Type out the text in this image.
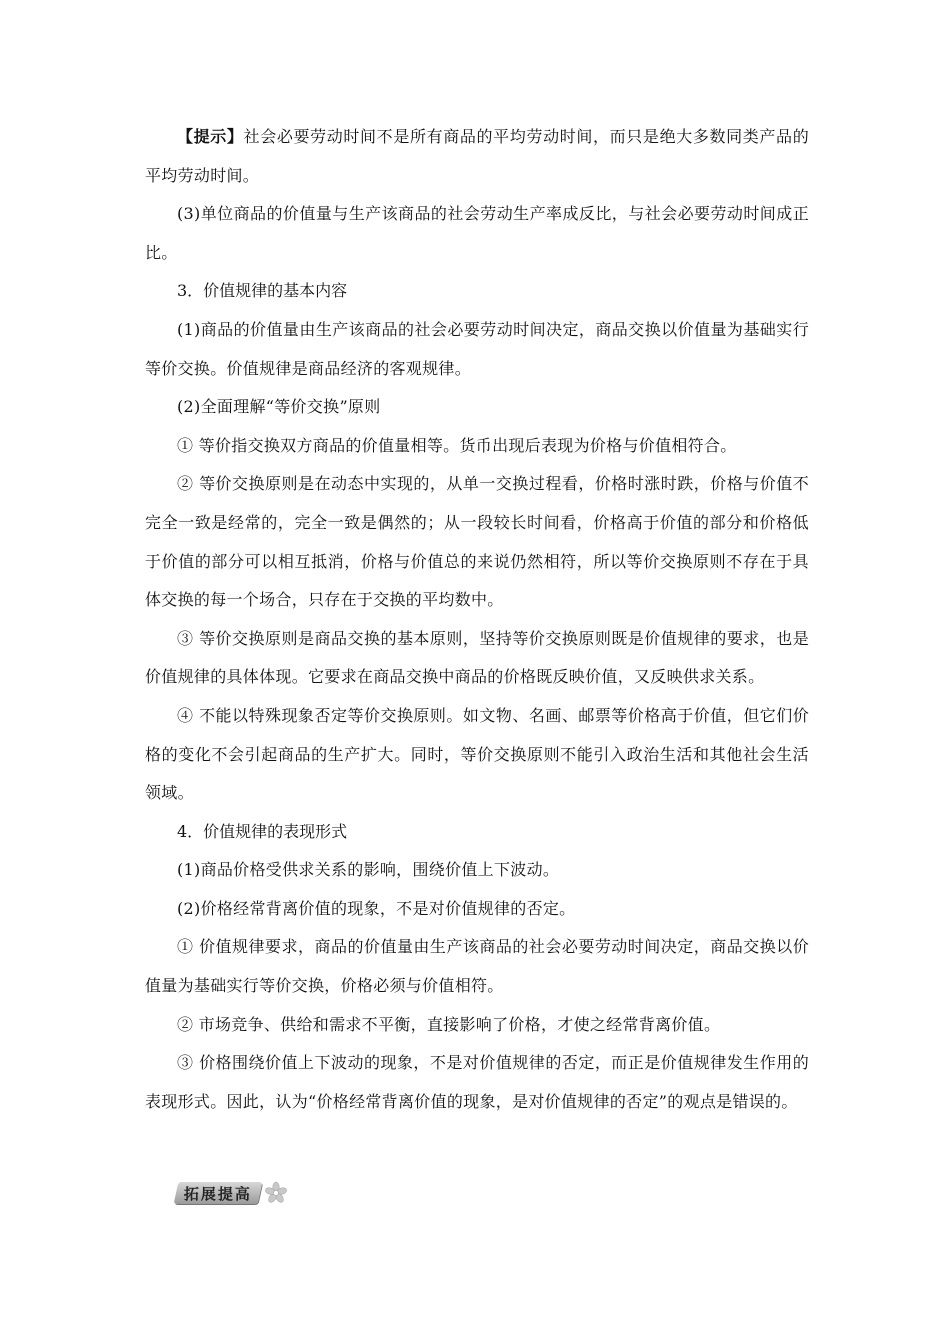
【提示】社会必要劳动时间不是所有商品的平均劳动时间，而只是绝大多数同类产品的平均劳动时间。

(3)单位商品的价值量与生产该商品的社会劳动生产率成反比，与社会必要劳动时间成正比。

3．价值规律的基本内容

(1)商品的价值量由生产该商品的社会必要劳动时间决定，商品交换以价值量为基础实行等价交换。价值规律是商品经济的客观规律。

(2)全面理解“等价交换”原则

① 等价指交换双方商品的价值量相等。货币出现后表现为价格与价值相符合。

② 等价交换原则是在动态中实现的，从单一交换过程看，价格时涨时跌，价格与价值不完全一致是经常的，完全一致是偶然的；从一段较长时间看，价格高于价值的部分和价格低于价值的部分可以相互抵消，价格与价值总的来说仍然相符，所以等价交换原则不存在于具体交换的每一个场合，只存在于交换的平均数中。

③ 等价交换原则是商品交换的基本原则，坚持等价交换原则既是价值规律的要求，也是价值规律的具体体现。它要求在商品交换中商品的价格既反映价值，又反映供求关系。

④ 不能以特殊现象否定等价交换原则。如文物、名画、邮票等价格高于价值，但它们价格的变化不会引起商品的生产扩大。同时，等价交换原则不能引入政治生活和其他社会生活领域。

4．价值规律的表现形式

(1)商品价格受供求关系的影响，围绕价值上下波动。

(2)价格经常背离价值的现象，不是对价值规律的否定。

① 价值规律要求，商品的价值量由生产该商品的社会必要劳动时间决定，商品交换以价值量为基础实行等价交换，价格必须与价值相符。

② 市场竞争、供给和需求不平衡，直接影响了价格，才使之经常背离价值。

③ 价格围绕价值上下波动的现象，不是对价值规律的否定，而正是价值规律发生作用的表现形式。因此，认为“价格经常背离价值的现象，是对价值规律的否定”的观点是错误的。

拓展提高
